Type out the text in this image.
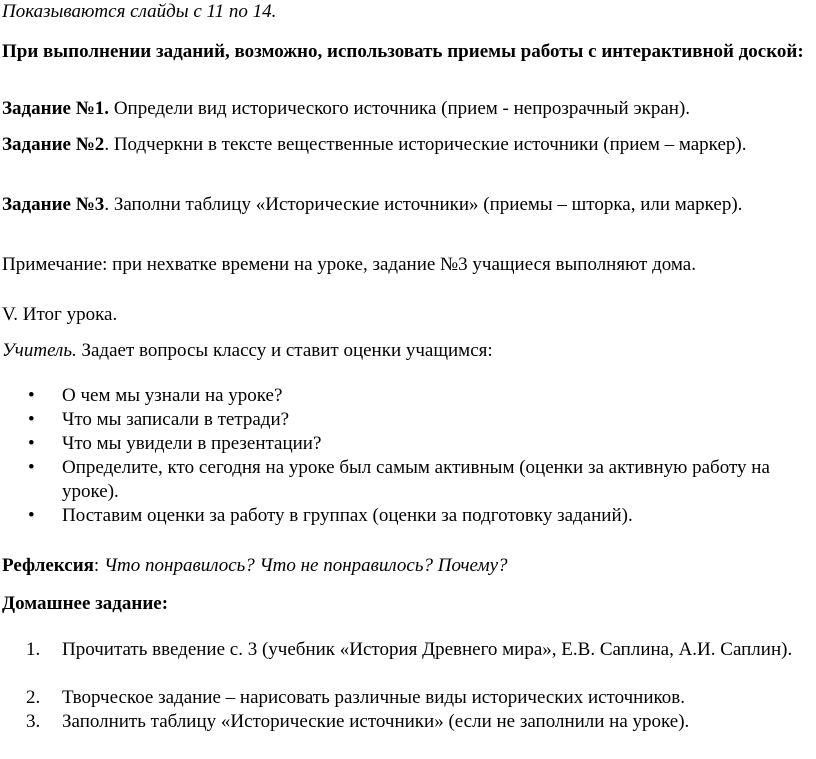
Показываются слайды с 11 по 14.
При выполнении заданий, возможно, использовать приемы работы с интерактивной доской:
Задание №1. Определи вид исторического источника (прием - непрозрачный экран).
Задание №2. Подчеркни в тексте вещественные исторические источники (прием – маркер).
Задание №3. Заполни таблицу «Исторические источники» (приемы – шторка, или маркер).
Примечание: при нехватке времени на уроке, задание №3 учащиеся выполняют дома.
V. Итог урока.
Учитель. Задает вопросы классу и ставит оценки учащимся:
•	О чем мы узнали на уроке?
•	Что мы записали в тетради?
•	Что мы увидели в презентации?
•	Определите, кто сегодня на уроке был самым активным (оценки за активную работу на уроке).
•	Поставим оценки за работу в группах (оценки за подготовку заданий).
Рефлексия: Что понравилось? Что не понравилось? Почему?
Домашнее задание:
1.	Прочитать введение с. 3 (учебник «История Древнего мира», Е.В. Саплина, А.И. Саплин).
2.	Творческое задание – нарисовать различные виды исторических источников.
3.	Заполнить таблицу «Исторические источники» (если не заполнили на уроке).
